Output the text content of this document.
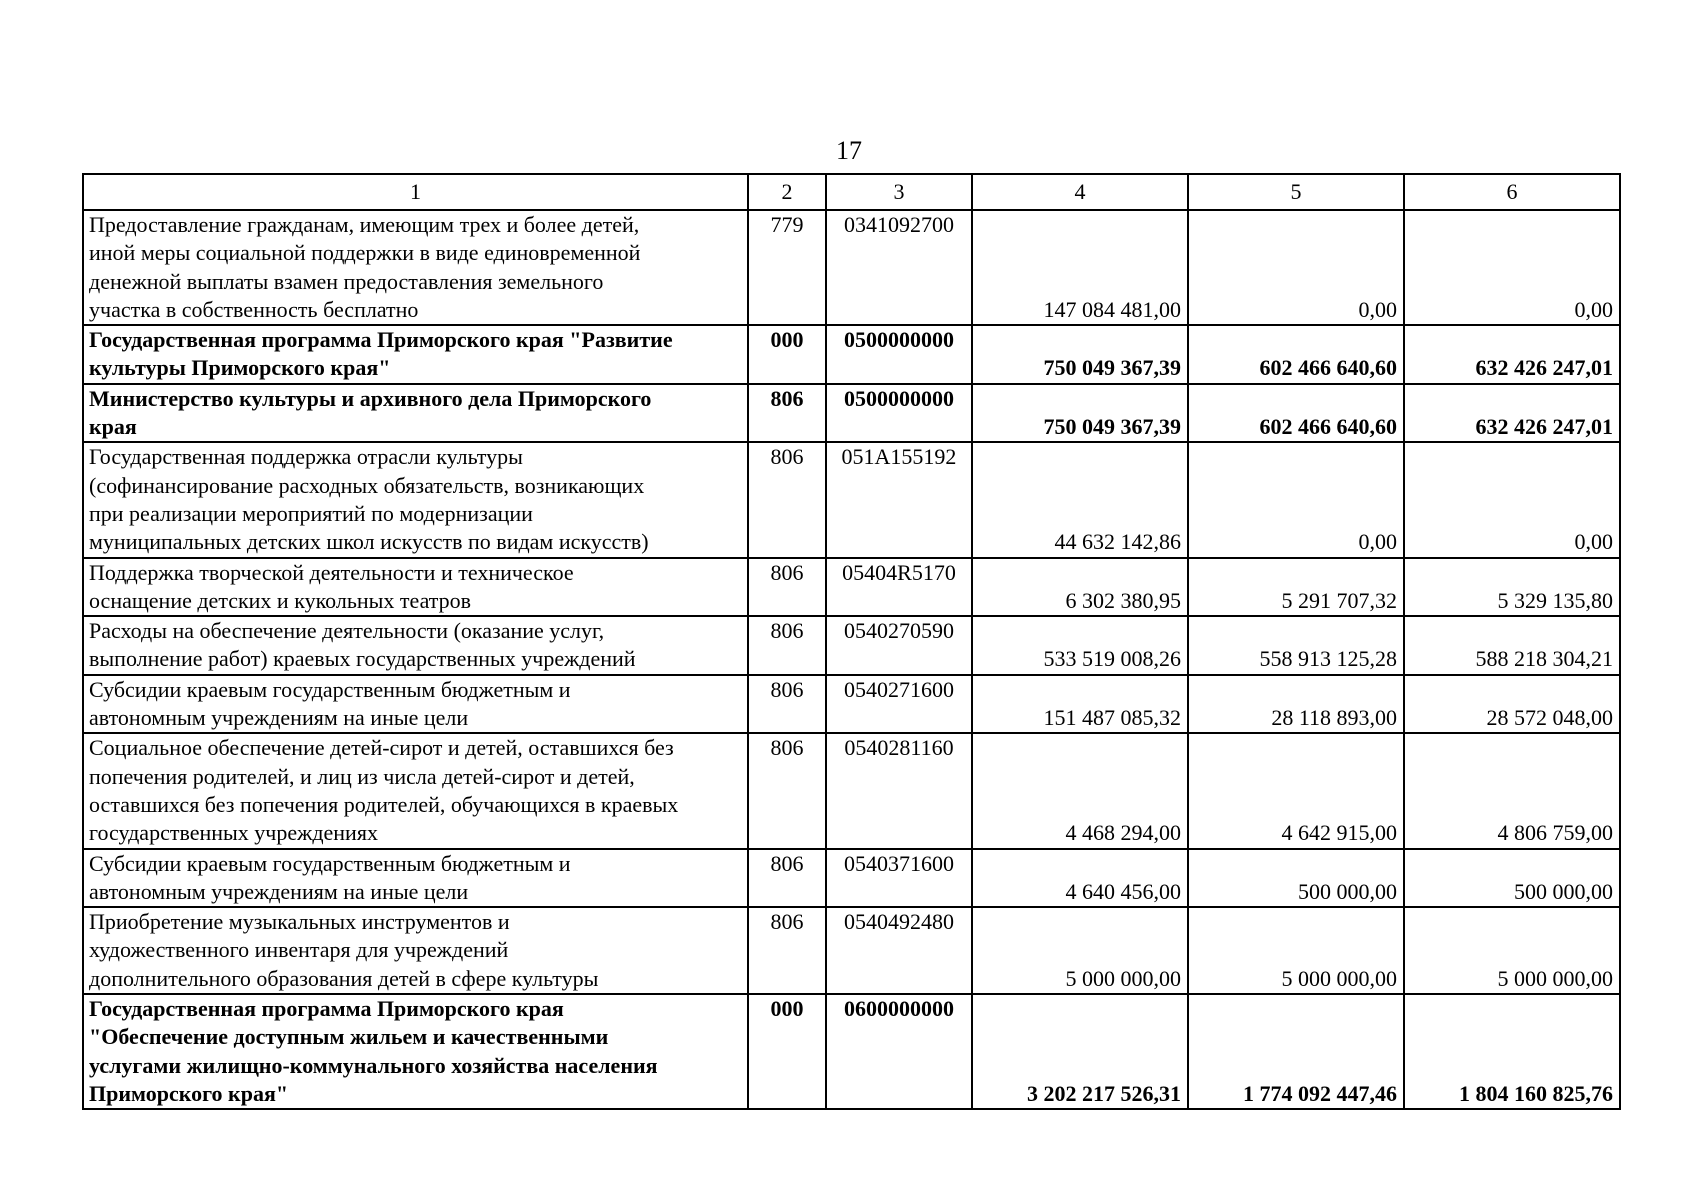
17
1	2	3	4	5	6
Предоставление гражданам, имеющим трех и более детей,
иной меры социальной поддержки в виде единовременной
денежной выплаты взамен предоставления земельного
участка в собственность бесплатно	779	0341092700	147 084 481,00	0,00	0,00
Государственная программа Приморского края "Развитие
культуры Приморского края"	000	0500000000	750 049 367,39	602 466 640,60	632 426 247,01
Министерство культуры и архивного дела Приморского
края	806	0500000000	750 049 367,39	602 466 640,60	632 426 247,01
Государственная поддержка отрасли культуры
(софинансирование расходных обязательств, возникающих
при реализации мероприятий по модернизации
муниципальных детских школ искусств по видам искусств)	806	051A155192	44 632 142,86	0,00	0,00
Поддержка творческой деятельности и техническое
оснащение детских и кукольных театров	806	05404R5170	6 302 380,95	5 291 707,32	5 329 135,80
Расходы на обеспечение деятельности (оказание услуг,
выполнение работ) краевых государственных учреждений	806	0540270590	533 519 008,26	558 913 125,28	588 218 304,21
Субсидии краевым государственным бюджетным и
автономным учреждениям на иные цели	806	0540271600	151 487 085,32	28 118 893,00	28 572 048,00
Социальное обеспечение детей-сирот и детей, оставшихся без
попечения родителей, и лиц из числа детей-сирот и детей,
оставшихся без попечения родителей, обучающихся в краевых
государственных учреждениях	806	0540281160	4 468 294,00	4 642 915,00	4 806 759,00
Субсидии краевым государственным бюджетным и
автономным учреждениям на иные цели	806	0540371600	4 640 456,00	500 000,00	500 000,00
Приобретение музыкальных инструментов и
художественного инвентаря для учреждений
дополнительного образования детей в сфере культуры	806	0540492480	5 000 000,00	5 000 000,00	5 000 000,00
Государственная программа Приморского края
"Обеспечение доступным жильем и качественными
услугами жилищно-коммунального хозяйства населения
Приморского края"	000	0600000000	3 202 217 526,31	1 774 092 447,46	1 804 160 825,76
